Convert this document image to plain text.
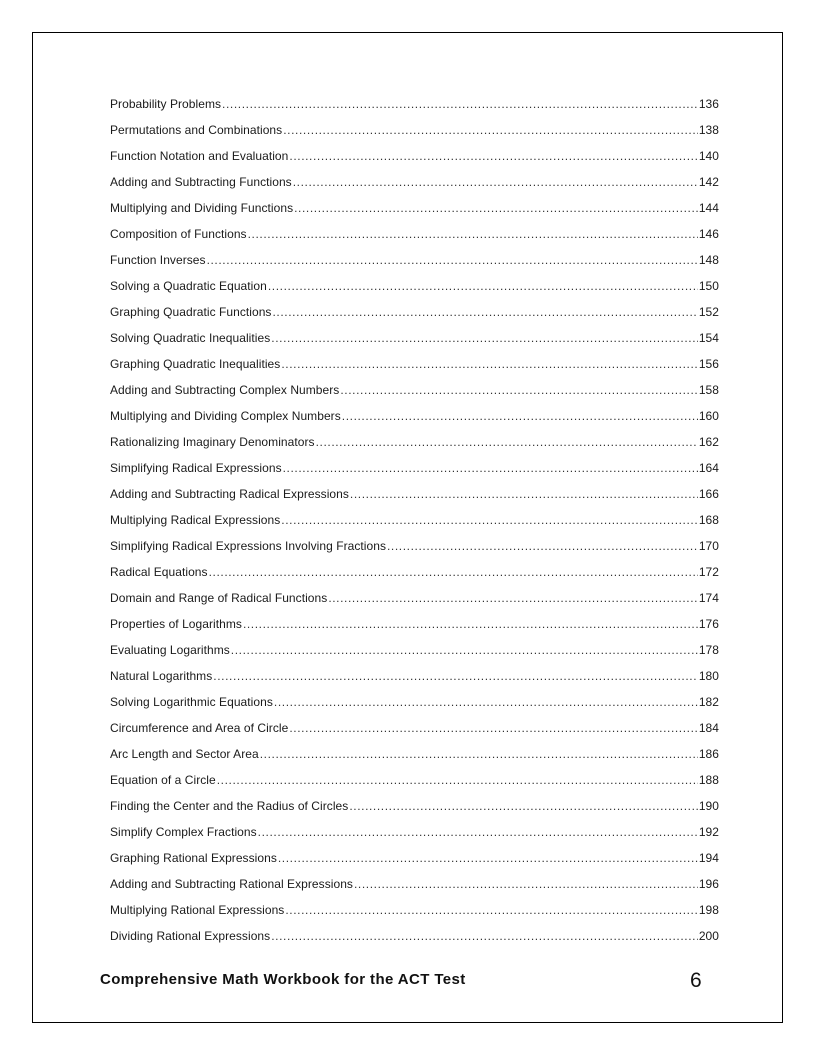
Probability Problems .....	136
Permutations and Combinations .....	138
Function Notation and Evaluation .....	140
Adding and Subtracting Functions .....	142
Multiplying and Dividing Functions .....	144
Composition of Functions .....	146
Function Inverses .....	148
Solving a Quadratic Equation .....	150
Graphing Quadratic Functions .....	152
Solving Quadratic Inequalities .....	154
Graphing Quadratic Inequalities .....	156
Adding and Subtracting Complex Numbers .....	158
Multiplying and Dividing Complex Numbers .....	160
Rationalizing Imaginary Denominators .....	162
Simplifying Radical Expressions .....	164
Adding and Subtracting Radical Expressions .....	166
Multiplying Radical Expressions .....	168
Simplifying Radical Expressions Involving Fractions .....	170
Radical Equations .....	172
Domain and Range of Radical Functions .....	174
Properties of Logarithms .....	176
Evaluating Logarithms .....	178
Natural Logarithms .....	180
Solving Logarithmic Equations .....	182
Circumference and Area of Circle .....	184
Arc Length and Sector Area .....	186
Equation of a Circle .....	188
Finding the Center and the Radius of Circles .....	190
Simplify Complex Fractions .....	192
Graphing Rational Expressions .....	194
Adding and Subtracting Rational Expressions .....	196
Multiplying Rational Expressions .....	198
Dividing Rational Expressions .....	200
Comprehensive Math Workbook for the ACT Test	6
